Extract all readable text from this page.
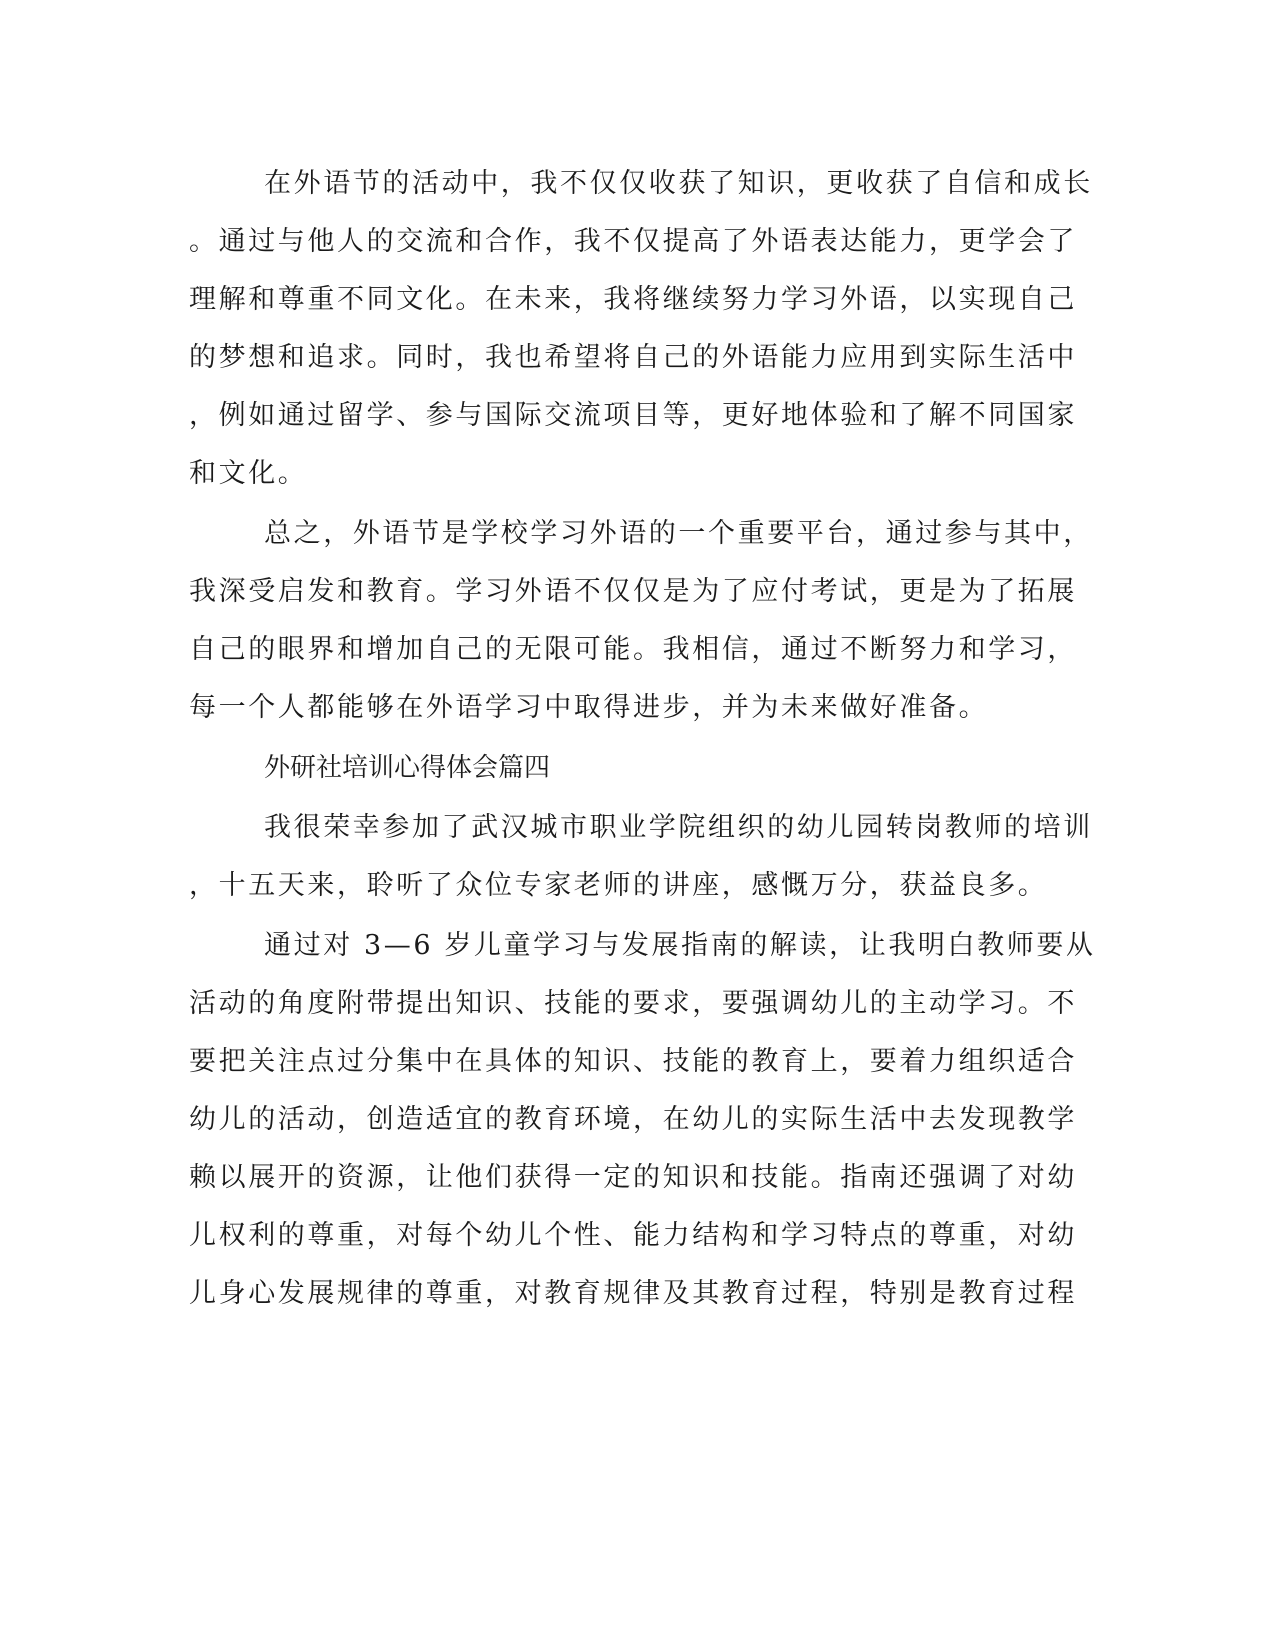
在外语节的活动中，我不仅仅收获了知识，更收获了自信和成长
。通过与他人的交流和合作，我不仅提高了外语表达能力，更学会了
理解和尊重不同文化。在未来，我将继续努力学习外语，以实现自己
的梦想和追求。同时，我也希望将自己的外语能力应用到实际生活中
，例如通过留学、参与国际交流项目等，更好地体验和了解不同国家
和文化。
总之，外语节是学校学习外语的一个重要平台，通过参与其中，
我深受启发和教育。学习外语不仅仅是为了应付考试，更是为了拓展
自己的眼界和增加自己的无限可能。我相信，通过不断努力和学习，
每一个人都能够在外语学习中取得进步，并为未来做好准备。
外研社培训心得体会篇四
我很荣幸参加了武汉城市职业学院组织的幼儿园转岗教师的培训
，十五天来，聆听了众位专家老师的讲座，感慨万分，获益良多。
通过对 3—6 岁儿童学习与发展指南的解读，让我明白教师要从
活动的角度附带提出知识、技能的要求，要强调幼儿的主动学习。不
要把关注点过分集中在具体的知识、技能的教育上，要着力组织适合
幼儿的活动，创造适宜的教育环境，在幼儿的实际生活中去发现教学
赖以展开的资源，让他们获得一定的知识和技能。指南还强调了对幼
儿权利的尊重，对每个幼儿个性、能力结构和学习特点的尊重，对幼
儿身心发展规律的尊重，对教育规律及其教育过程，特别是教育过程
